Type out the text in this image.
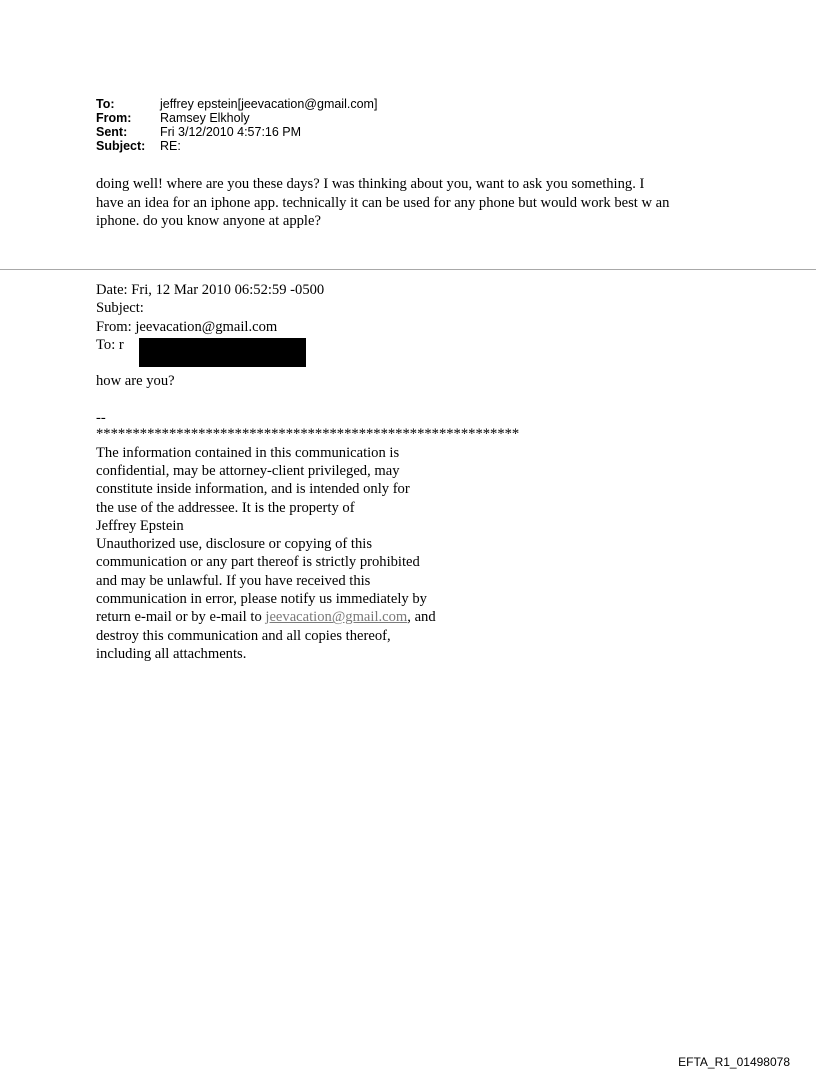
To:	jeffrey epstein[jeevacation@gmail.com]
From:	Ramsey Elkholy
Sent:	Fri 3/12/2010 4:57:16 PM
Subject:	RE:
doing well! where are you these days? I was thinking about you, want to ask you something. I
have an idea for an iphone app. technically it can be used for any phone but would work best w an
iphone. do you know anyone at apple?
Date: Fri, 12 Mar 2010 06:52:59 -0500
Subject:
From: jeevacation@gmail.com
To: r
how are you?
--
**********************************************************
The information contained in this communication is
confidential, may be attorney-client privileged, may
constitute inside information, and is intended only for
the use of the addressee. It is the property of
Jeffrey Epstein
Unauthorized use, disclosure or copying of this
communication or any part thereof is strictly prohibited
and may be unlawful. If you have received this
communication in error, please notify us immediately by
return e-mail or by e-mail to jeevacation@gmail.com, and
destroy this communication and all copies thereof,
including all attachments.
EFTA_R1_01498078
